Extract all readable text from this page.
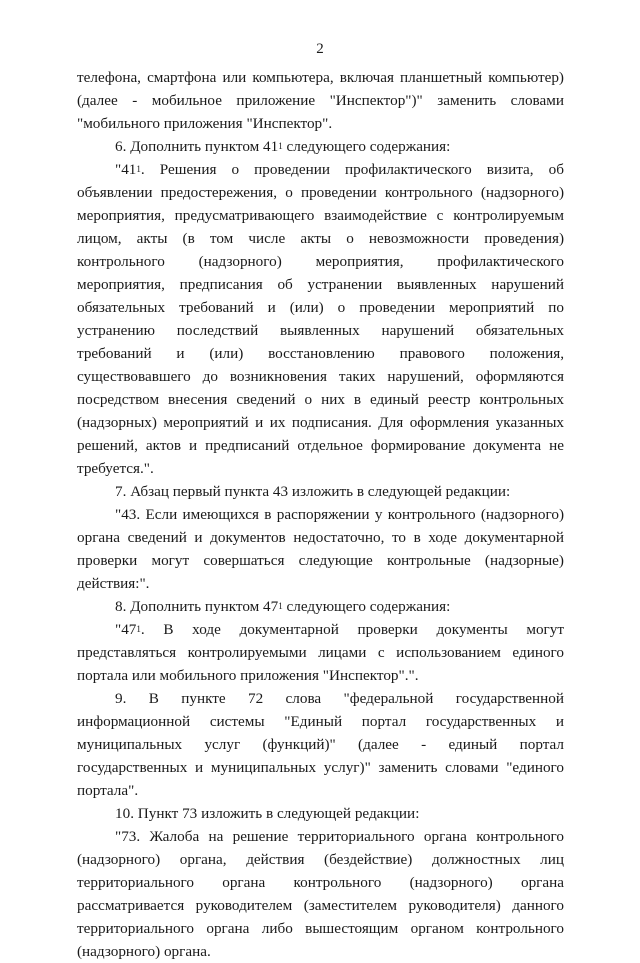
2

телефона, смартфона или компьютера, включая планшетный компьютер) (далее - мобильное приложение "Инспектор")" заменить словами "мобильного приложения "Инспектор".

6. Дополнить пунктом $41^1$ следующего содержания:

"$41^1$. Решения о проведении профилактического визита, об объявлении предостережения, о проведении контрольного (надзорного) мероприятия, предусматривающего взаимодействие с контролируемым лицом, акты (в том числе акты о невозможности проведения) контрольного (надзорного) мероприятия, профилактического мероприятия, предписания об устранении выявленных нарушений обязательных требований и (или) о проведении мероприятий по устранению последствий выявленных нарушений обязательных требований и (или) восстановлению правового положения, существовавшего до возникновения таких нарушений, оформляются посредством внесения сведений о них в единый реестр контрольных (надзорных) мероприятий и их подписания. Для оформления указанных решений, актов и предписаний отдельное формирование документа не требуется.".

7. Абзац первый пункта 43 изложить в следующей редакции:

"43. Если имеющихся в распоряжении у контрольного (надзорного) органа сведений и документов недостаточно, то в ходе документарной проверки могут совершаться следующие контрольные (надзорные) действия:".

8. Дополнить пунктом $47^1$ следующего содержания:

"$47^1$. В ходе документарной проверки документы могут представляться контролируемыми лицами с использованием единого портала или мобильного приложения "Инспектор".".

9. В пункте 72 слова "федеральной государственной информационной системы "Единый портал государственных и муниципальных услуг (функций)" (далее - единый портал государственных и муниципальных услуг)" заменить словами "единого портала".

10. Пункт 73 изложить в следующей редакции:

"73. Жалоба на решение территориального органа контрольного (надзорного) органа, действия (бездействие) должностных лиц территориального органа контрольного (надзорного) органа рассматривается руководителем (заместителем руководителя) данного территориального органа либо вышестоящим органом контрольного (надзорного) органа.
